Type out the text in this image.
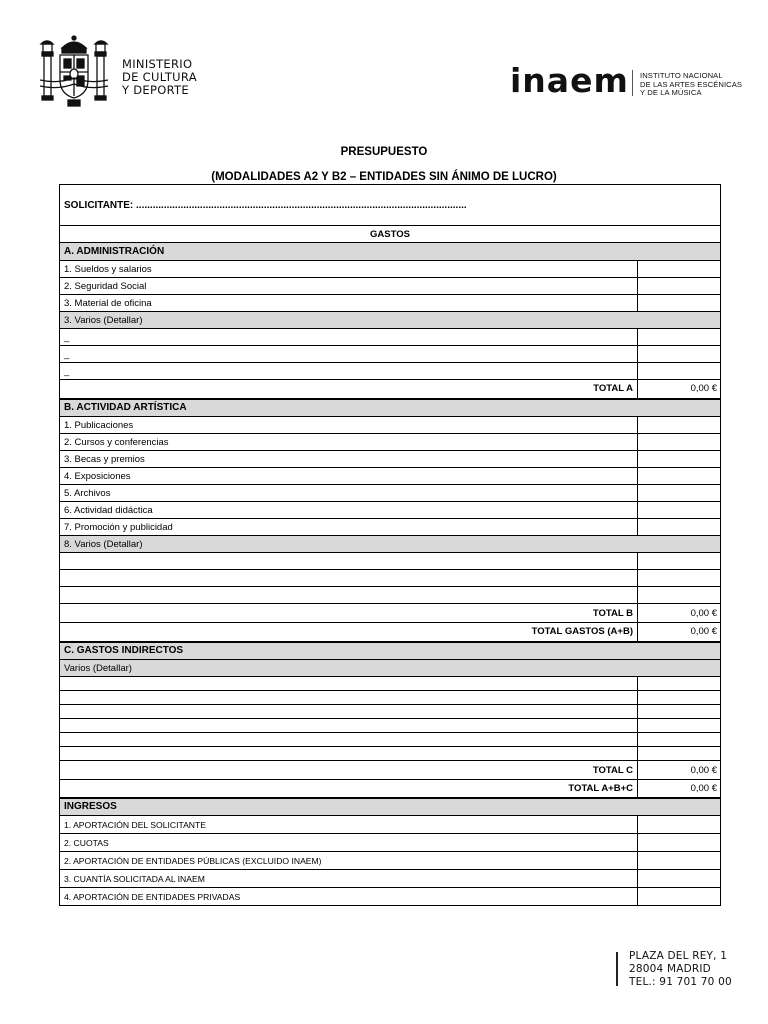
MINISTERIO
DE CULTURA
Y DEPORTE	inaem INSTITUTO NACIONAL
DE LAS ARTES ESCÉNICAS
Y DE LA MÚSICA
PRESUPUESTO
(MODALIDADES A2 Y B2 – ENTIDADES SIN ÁNIMO DE LUCRO)
SOLICITANTE: .......................................................................................................................	
GASTOS	
A. ADMINISTRACIÓN	
1. Sueldos y salarios	
2. Seguridad Social	
3. Material de oficina	
3. Varios (Detallar)	
_	
_	
_	
TOTAL A	0,00 €
B. ACTIVIDAD ARTÍSTICA	
1. Publicaciones	
2. Cursos y conferencias	
3. Becas y premios	
4. Exposiciones	
5. Archivos	
6. Actividad didáctica	
7. Promoción y publicidad	
8. Varios (Detallar)	

TOTAL B	0,00 €
TOTAL GASTOS (A+B)	0,00 €
C. GASTOS INDIRECTOS	
Varios (Detallar)	

TOTAL C	0,00 €
TOTAL A+B+C	0,00 €
INGRESOS	
1. APORTACIÓN DEL SOLICITANTE	
2. CUOTAS	
2. APORTACIÓN DE ENTIDADES PÚBLICAS (EXCLUIDO INAEM)	
3. CUANTÍA SOLICITADA AL INAEM	
4. APORTACIÓN DE ENTIDADES PRIVADAS	
PLAZA DEL REY, 1
28004 MADRID
TEL.: 91 701 70 00
